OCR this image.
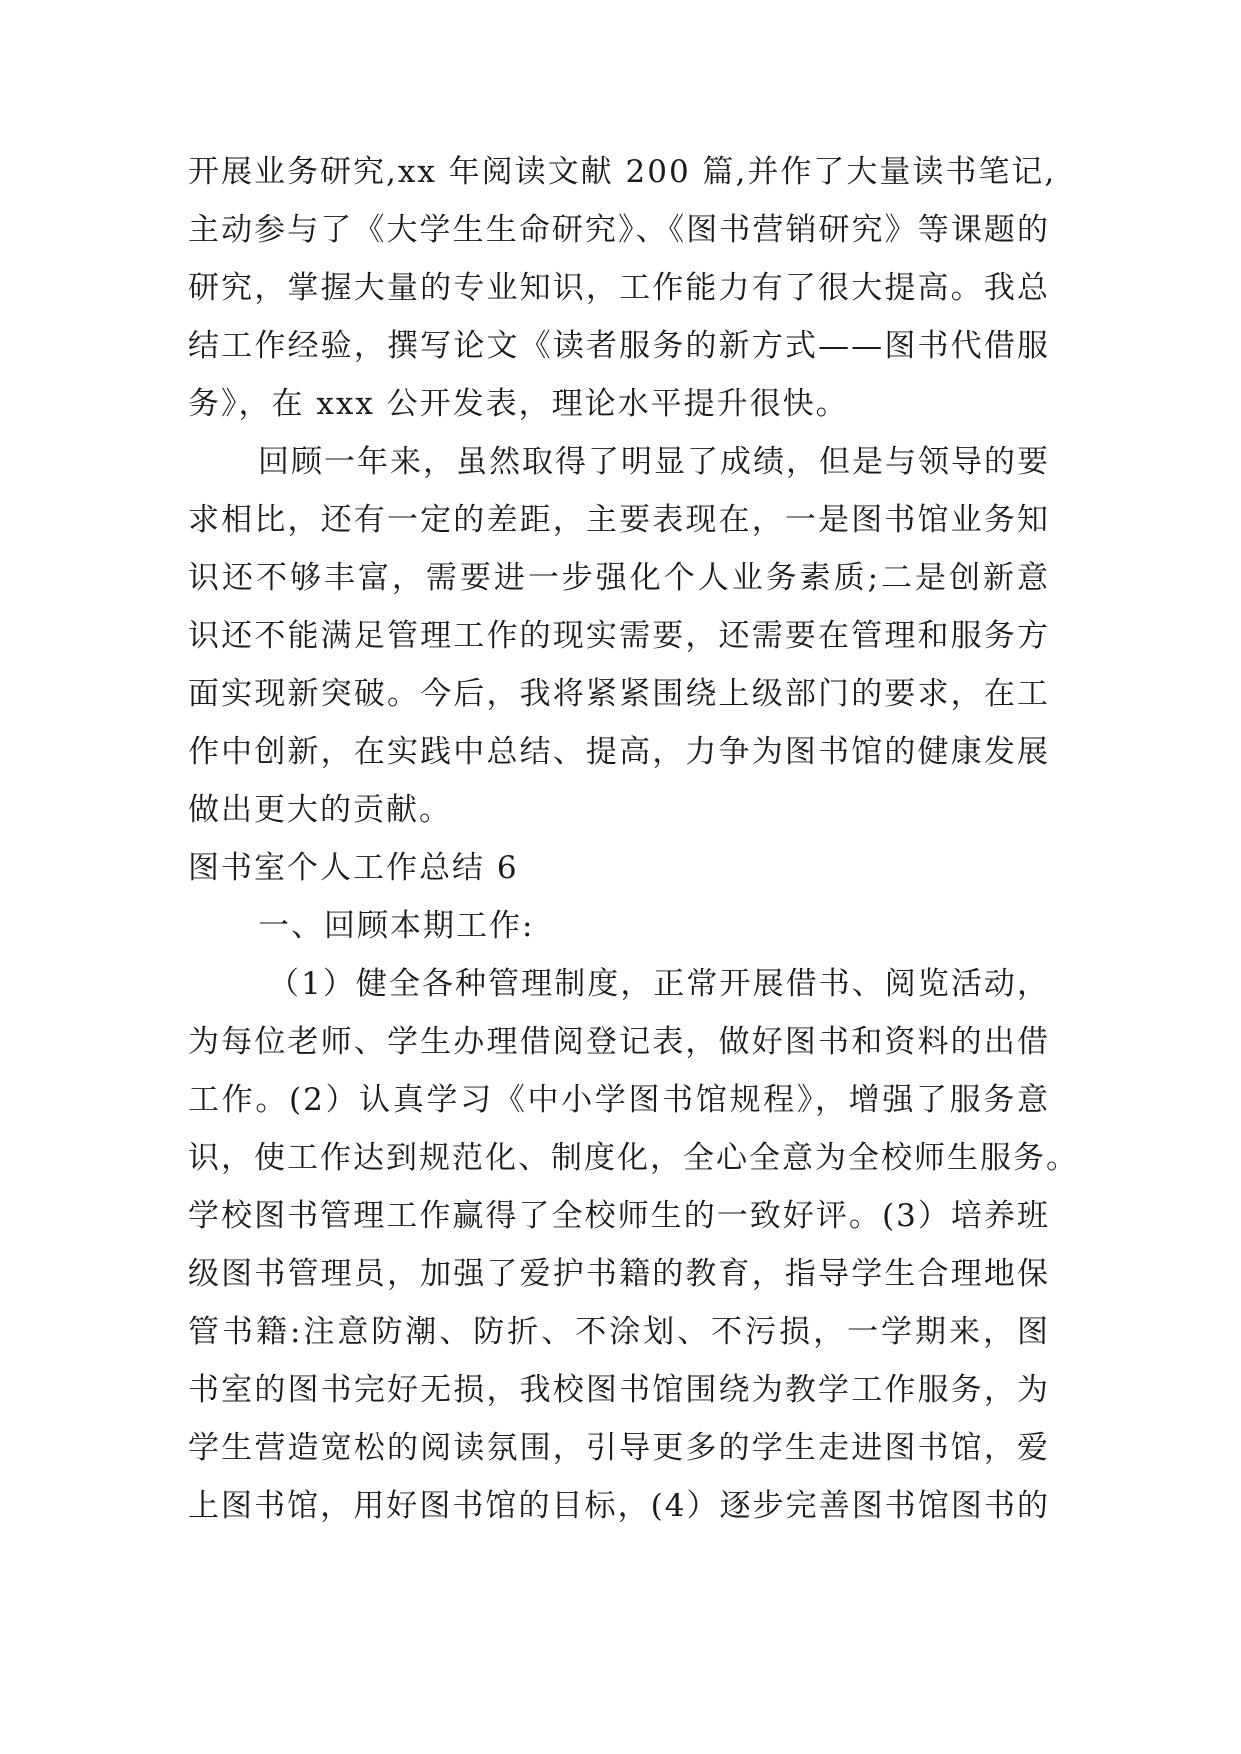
开展业务研究,xx 年阅读文献 200 篇,并作了大量读书笔记,
主动参与了《大学生生命研究》、《图书营销研究》等课题的
研究，掌握大量的专业知识，工作能力有了很大提高。我总
结工作经验，撰写论文《读者服务的新方式——图书代借服
务》，在 xxx 公开发表，理论水平提升很快。
回顾一年来，虽然取得了明显了成绩，但是与领导的要
求相比，还有一定的差距，主要表现在，一是图书馆业务知
识还不够丰富，需要进一步强化个人业务素质;二是创新意
识还不能满足管理工作的现实需要，还需要在管理和服务方
面实现新突破。今后，我将紧紧围绕上级部门的要求，在工
作中创新，在实践中总结、提高，力争为图书馆的健康发展
做出更大的贡献。
图书室个人工作总结 6
一、回顾本期工作:
（1）健全各种管理制度，正常开展借书、阅览活动，
为每位老师、学生办理借阅登记表，做好图书和资料的出借
工作。(2）认真学习《中小学图书馆规程》，增强了服务意
识，使工作达到规范化、制度化，全心全意为全校师生服务。
学校图书管理工作赢得了全校师生的一致好评。(3）培养班
级图书管理员，加强了爱护书籍的教育，指导学生合理地保
管书籍:注意防潮、防折、不涂划、不污损，一学期来，图
书室的图书完好无损，我校图书馆围绕为教学工作服务，为
学生营造宽松的阅读氛围，引导更多的学生走进图书馆，爱
上图书馆，用好图书馆的目标，(4）逐步完善图书馆图书的
